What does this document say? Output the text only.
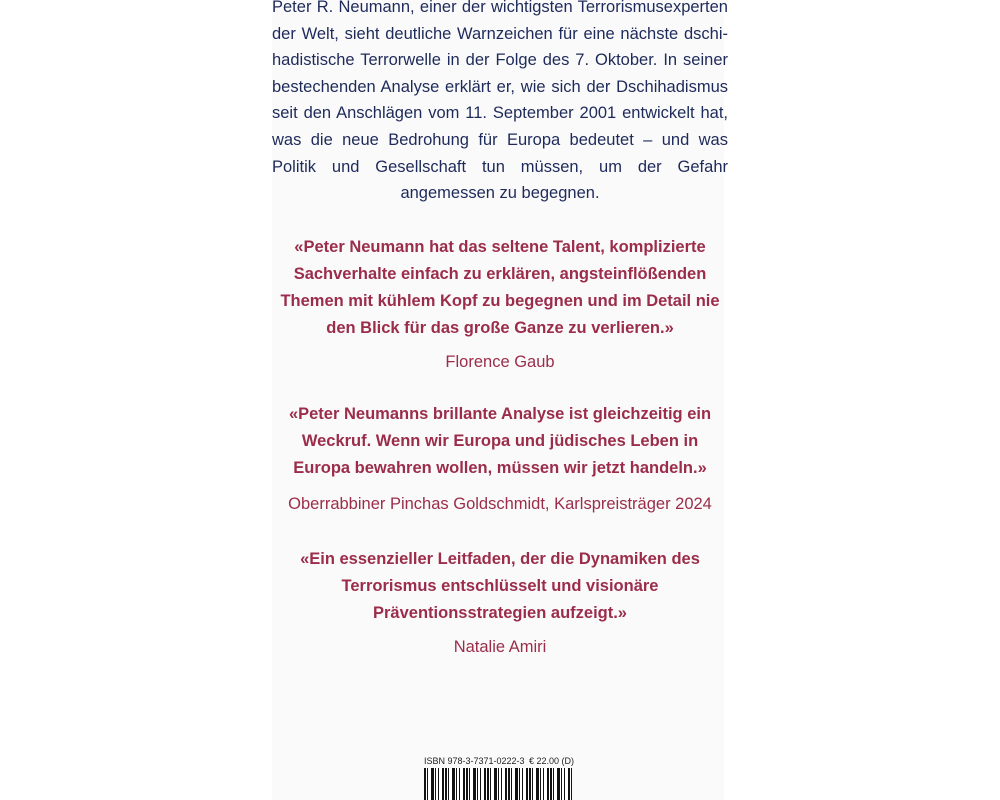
Peter R. Neumann, einer der wichtigsten Terrorismusexperten der Welt, sieht deutliche Warnzeichen für eine nächste dschihadistische Terrorwelle in der Folge des 7. Oktober. In seiner bestechenden Analyse erklärt er, wie sich der Dschihadismus seit den Anschlägen vom 11. September 2001 entwickelt hat, was die neue Bedrohung für Europa bedeutet – und was Politik und Gesellschaft tun müssen, um der Gefahr angemessen zu begegnen.

«Peter Neumann hat das seltene Talent, komplizierte Sachverhalte einfach zu erklären, angsteinflößenden Themen mit kühlem Kopf zu begegnen und im Detail nie den Blick für das große Ganze zu verlieren.»

Florence Gaub

«Peter Neumanns brillante Analyse ist gleichzeitig ein Weckruf. Wenn wir Europa und jüdisches Leben in Europa bewahren wollen, müssen wir jetzt handeln.»

Oberrabbiner Pinchas Goldschmidt, Karlspreisträger 2024

«Ein essenzieller Leitfaden, der die Dynamiken des Terrorismus entschlüsselt und visionäre Präventionsstrategien aufzeigt.»

Natalie Amiri

ISBN 978-3-7371-0222-3 € 22.00 (D)
